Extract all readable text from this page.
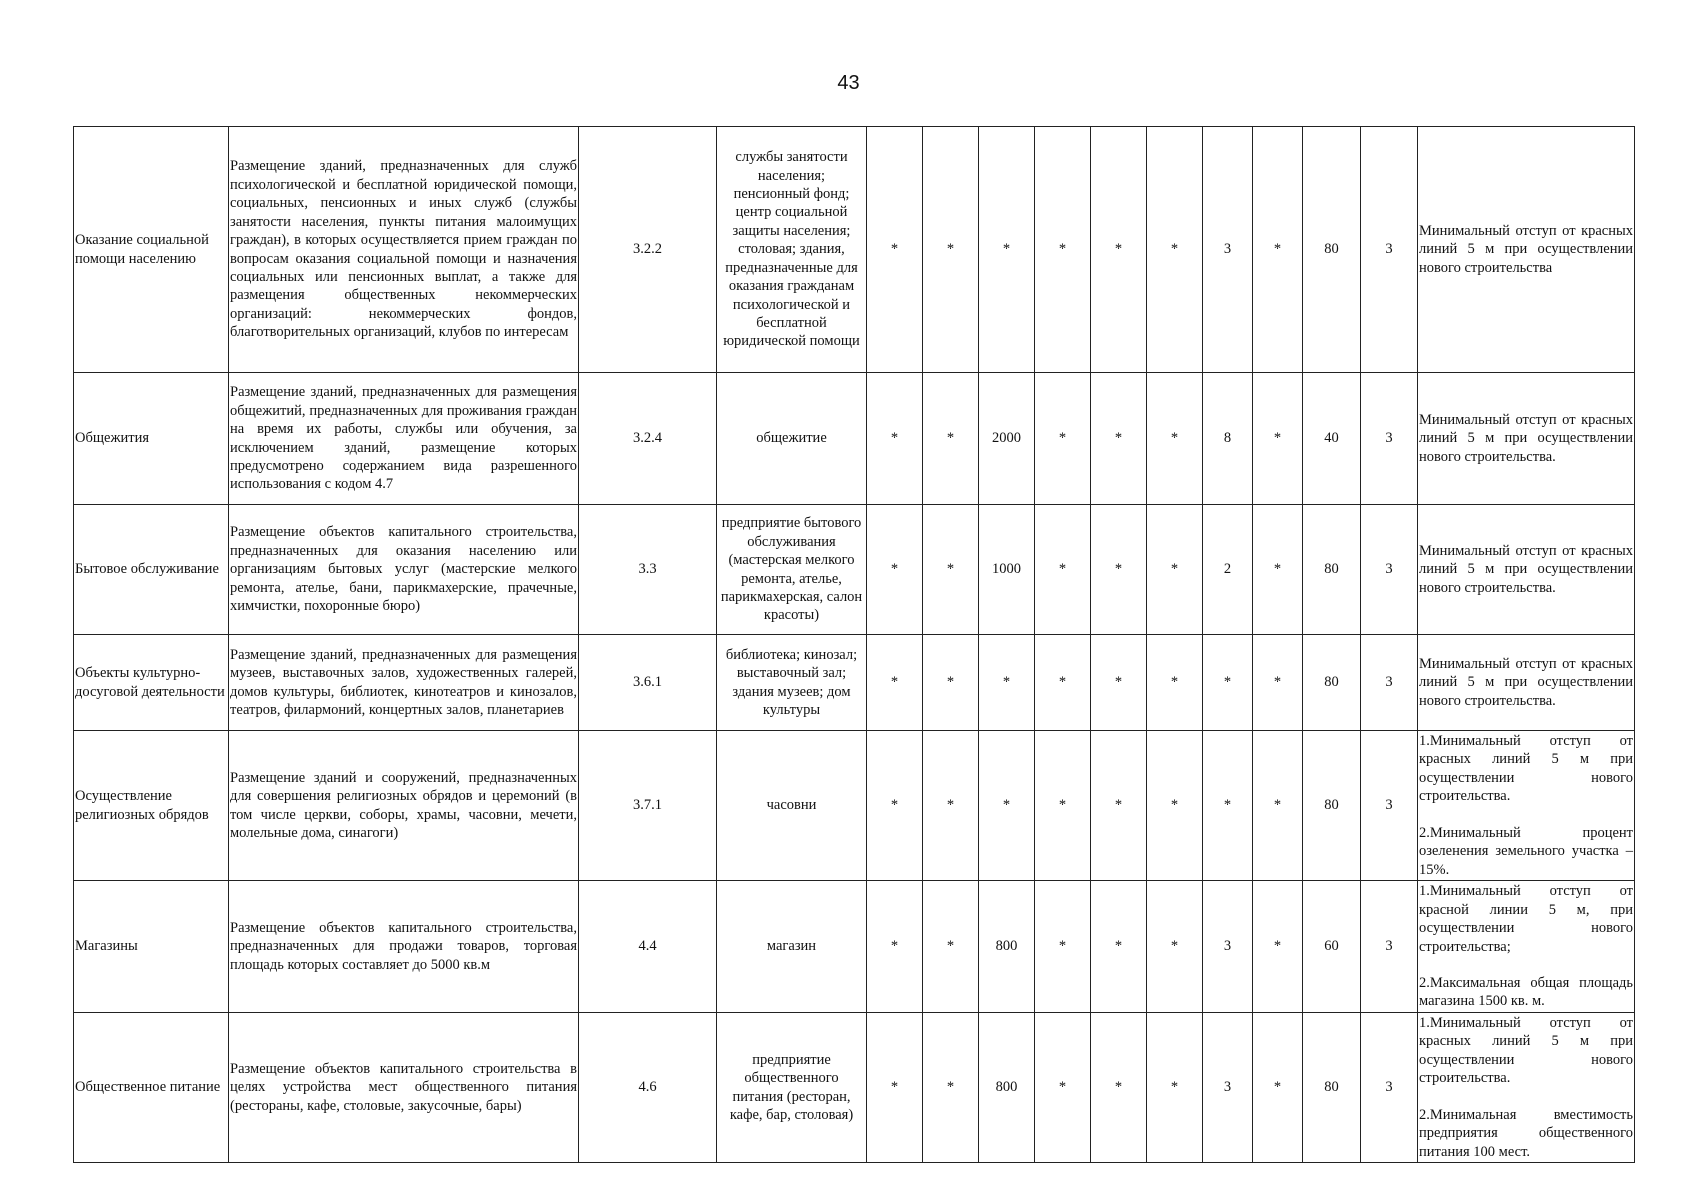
43
Оказание социальной помощи населению	Размещение зданий, предназначенных для служб психологической и бесплатной юридической помощи, социальных, пенсионных и иных служб (службы занятости населения, пункты питания малоимущих граждан), в которых осуществляется прием граждан по вопросам оказания социальной помощи и назначения социальных или пенсионных выплат, а также для размещения общественных некоммерческих организаций: некоммерческих фондов, благотворительных организаций, клубов по интересам	3.2.2	службы занятости населения; пенсионный фонд; центр социальной защиты населения; столовая; здания, предназначенные для оказания гражданам психологической и бесплатной юридической помощи	*	*	*	*	*	*	3	*	80	3	Минимальный отступ от красных линий 5 м при осуществлении нового строительства
Общежития	Размещение зданий, предназначенных для размещения общежитий, предназначенных для проживания граждан на время их работы, службы или обучения, за исключением зданий, размещение которых предусмотрено содержанием вида разрешенного использования с кодом 4.7	3.2.4	общежитие	*	*	2000	*	*	*	8	*	40	3	Минимальный отступ от красных линий 5 м при осуществлении нового строительства.
Бытовое обслуживание	Размещение объектов капитального строительства, предназначенных для оказания населению или организациям бытовых услуг (мастерские мелкого ремонта, ателье, бани, парикмахерские, прачечные, химчистки, похоронные бюро)	3.3	предприятие бытового обслуживания (мастерская мелкого ремонта, ателье, парикмахерская, салон красоты)	*	*	1000	*	*	*	2	*	80	3	Минимальный отступ от красных линий 5 м при осуществлении нового строительства.
Объекты культурно-досуговой деятельности	Размещение зданий, предназначенных для размещения музеев, выставочных залов, художественных галерей, домов культуры, библиотек, кинотеатров и кинозалов, театров, филармоний, концертных залов, планетариев	3.6.1	библиотека; кинозал; выставочный зал; здания музеев; дом культуры	*	*	*	*	*	*	*	*	80	3	Минимальный отступ от красных линий 5 м при осуществлении нового строительства.
Осуществление религиозных обрядов	Размещение зданий и сооружений, предназначенных для совершения религиозных обрядов и церемоний (в том числе церкви, соборы, храмы, часовни, мечети, молельные дома, синагоги)	3.7.1	часовни	*	*	*	*	*	*	*	*	80	3	1.Минимальный отступ от красных линий 5 м при осуществлении нового строительства.
2.Минимальный процент озеленения земельного участка – 15%.
Магазины	Размещение объектов капитального строительства, предназначенных для продажи товаров, торговая площадь которых составляет до 5000 кв.м	4.4	магазин	*	*	800	*	*	*	3	*	60	3	1.Минимальный отступ от красной линии 5 м, при осуществлении нового строительства;
2.Максимальная общая площадь магазина 1500 кв. м.
Общественное питание	Размещение объектов капитального строительства в целях устройства мест общественного питания (рестораны, кафе, столовые, закусочные, бары)	4.6	предприятие общественного питания (ресторан, кафе, бар, столовая)	*	*	800	*	*	*	3	*	80	3	1.Минимальный отступ от красных линий 5 м при осуществлении нового строительства.
2.Минимальная вместимость предприятия общественного питания 100 мест.
